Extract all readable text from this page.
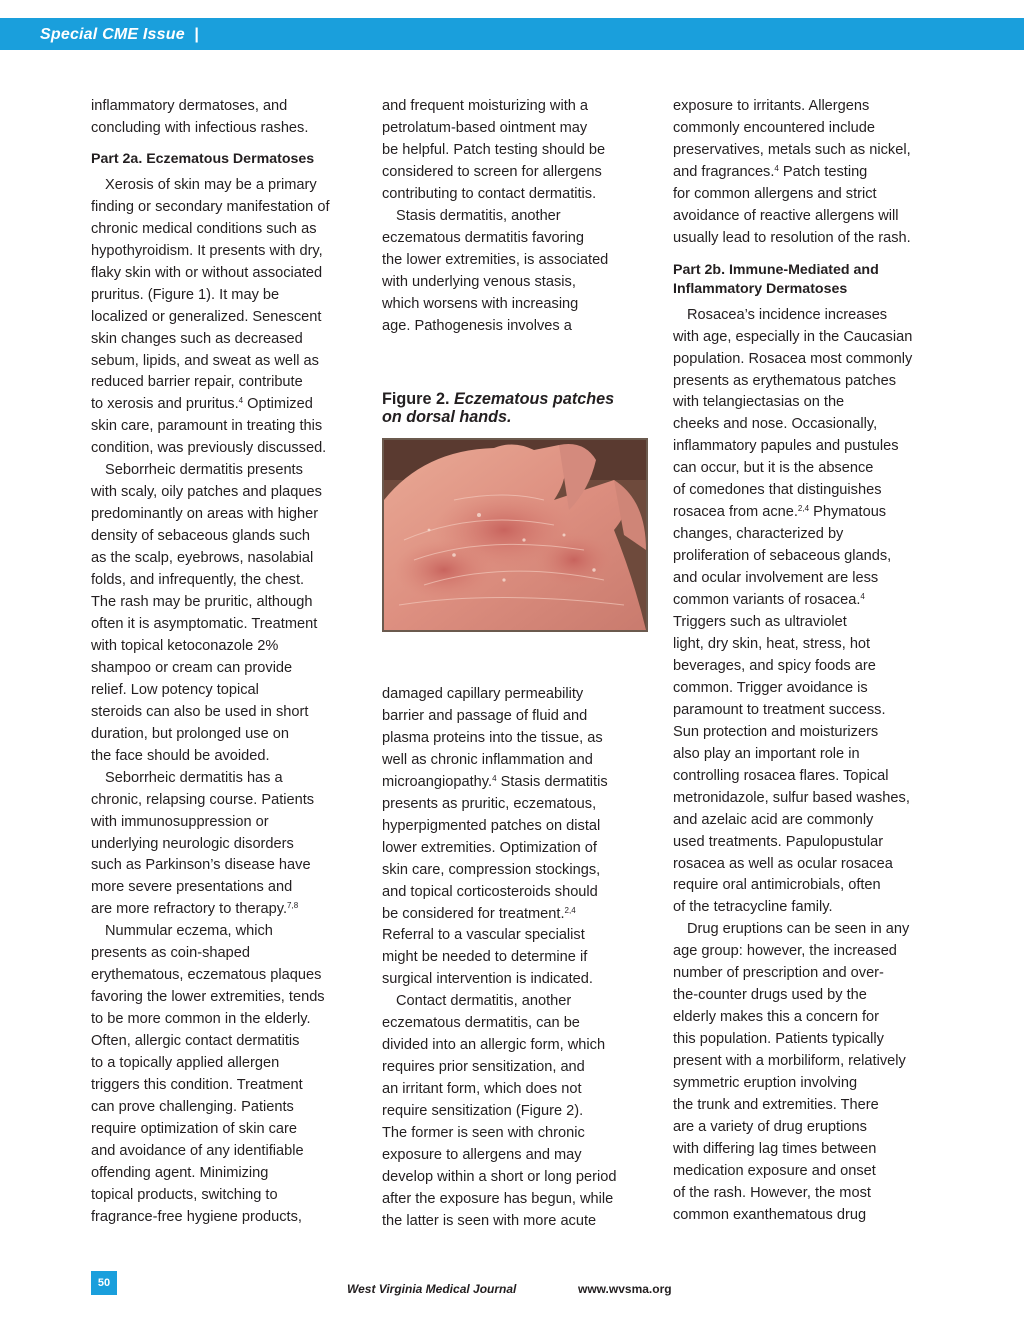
Special CME Issue  |
inflammatory dermatoses, and
concluding with infectious rashes.
Part 2a. Eczematous Dermatoses
Xerosis of skin may be a primary
finding or secondary manifestation of
chronic medical conditions such as
hypothyroidism. It presents with dry,
flaky skin with or without associated
pruritus. (Figure 1). It may be
localized or generalized. Senescent
skin changes such as decreased
sebum, lipids, and sweat as well as
reduced barrier repair, contribute
to xerosis and pruritus.$^4$ Optimized
skin care, paramount in treating this
condition, was previously discussed.
Seborrheic dermatitis presents
with scaly, oily patches and plaques
predominantly on areas with higher
density of sebaceous glands such
as the scalp, eyebrows, nasolabial
folds, and infrequently, the chest.
The rash may be pruritic, although
often it is asymptomatic. Treatment
with topical ketoconazole 2%
shampoo or cream can provide
relief. Low potency topical
steroids can also be used in short
duration, but prolonged use on
the face should be avoided.
Seborrheic dermatitis has a
chronic, relapsing course. Patients
with immunosuppression or
underlying neurologic disorders
such as Parkinson’s disease have
more severe presentations and
are more refractory to therapy.$^{7,8}$
Nummular eczema, which
presents as coin-shaped
erythematous, eczematous plaques
favoring the lower extremities, tends
to be more common in the elderly.
Often, allergic contact dermatitis
to a topically applied allergen
triggers this condition. Treatment
can prove challenging. Patients
require optimization of skin care
and avoidance of any identifiable
offending agent. Minimizing
topical products, switching to
fragrance-free hygiene products,
and frequent moisturizing with a
petrolatum-based ointment may
be helpful. Patch testing should be
considered to screen for allergens
contributing to contact dermatitis.
Stasis dermatitis, another
eczematous dermatitis favoring
the lower extremities, is associated
with underlying venous stasis,
which worsens with increasing
age. Pathogenesis involves a
Figure 2. Eczematous patches
on dorsal hands.
damaged capillary permeability
barrier and passage of fluid and
plasma proteins into the tissue, as
well as chronic inflammation and
microangiopathy.$^4$ Stasis dermatitis
presents as pruritic, eczematous,
hyperpigmented patches on distal
lower extremities. Optimization of
skin care, compression stockings,
and topical corticosteroids should
be considered for treatment.$^{2,4}$
Referral to a vascular specialist
might be needed to determine if
surgical intervention is indicated.
Contact dermatitis, another
eczematous dermatitis, can be
divided into an allergic form, which
requires prior sensitization, and
an irritant form, which does not
require sensitization (Figure 2).
The former is seen with chronic
exposure to allergens and may
develop within a short or long period
after the exposure has begun, while
the latter is seen with more acute
exposure to irritants. Allergens
commonly encountered include
preservatives, metals such as nickel,
and fragrances.$^4$ Patch testing
for common allergens and strict
avoidance of reactive allergens will
usually lead to resolution of the rash.
Part 2b. Immune-Mediated and
Inflammatory Dermatoses
Rosacea’s incidence increases
with age, especially in the Caucasian
population. Rosacea most commonly
presents as erythematous patches
with telangiectasias on the
cheeks and nose. Occasionally,
inflammatory papules and pustules
can occur, but it is the absence
of comedones that distinguishes
rosacea from acne.$^{2,4}$ Phymatous
changes, characterized by
proliferation of sebaceous glands,
and ocular involvement are less
common variants of rosacea.$^4$
Triggers such as ultraviolet
light, dry skin, heat, stress, hot
beverages, and spicy foods are
common. Trigger avoidance is
paramount to treatment success.
Sun protection and moisturizers
also play an important role in
controlling rosacea flares. Topical
metronidazole, sulfur based washes,
and azelaic acid are commonly
used treatments. Papulopustular
rosacea as well as ocular rosacea
require oral antimicrobials, often
of the tetracycline family.
Drug eruptions can be seen in any
age group: however, the increased
number of prescription and over-
the-counter drugs used by the
elderly makes this a concern for
this population. Patients typically
present with a morbiliform, relatively
symmetric eruption involving
the trunk and extremities. There
are a variety of drug eruptions
with differing lag times between
medication exposure and onset
of the rash. However, the most
common exanthematous drug
50	West Virginia Medical Journal	www.wvsma.org
